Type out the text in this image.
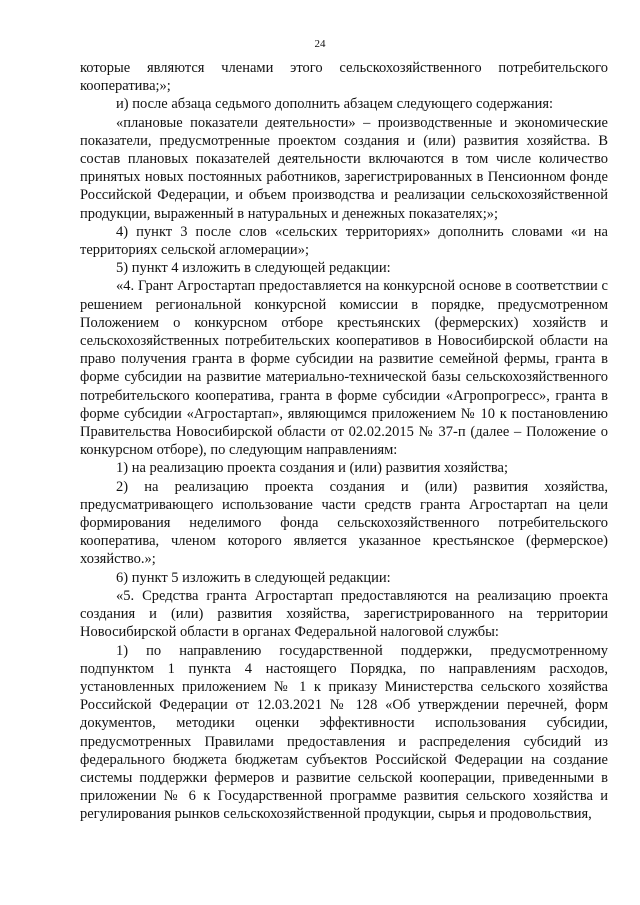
24

которые являются членами этого сельскохозяйственного потребительского кооператива;»;

и) после абзаца седьмого дополнить абзацем следующего содержания:

«плановые показатели деятельности» – производственные и экономические показатели, предусмотренные проектом создания и (или) развития хозяйства. В состав плановых показателей деятельности включаются в том числе количество принятых новых постоянных работников, зарегистрированных в Пенсионном фонде Российской Федерации, и объем производства и реализации сельскохозяйственной продукции, выраженный в натуральных и денежных показателях;»;

4) пункт 3 после слов «сельских территориях» дополнить словами «и на территориях сельской агломерации»;

5) пункт 4 изложить в следующей редакции:

«4. Грант Агростартап предоставляется на конкурсной основе в соответствии с решением региональной конкурсной комиссии в порядке, предусмотренном Положением о конкурсном отборе крестьянских (фермерских) хозяйств и сельскохозяйственных потребительских кооперативов в Новосибирской области на право получения гранта в форме субсидии на развитие семейной фермы, гранта в форме субсидии на развитие материально-технической базы сельскохозяйственного потребительского кооператива, гранта в форме субсидии «Агропрогресс», гранта в форме субсидии «Агростартап», являющимся приложением № 10 к постановлению Правительства Новосибирской области от 02.02.2015 № 37-п (далее – Положение о конкурсном отборе), по следующим направлениям:

1) на реализацию проекта создания и (или) развития хозяйства;

2) на реализацию проекта создания и (или) развития хозяйства, предусматривающего использование части средств гранта Агростартап на цели формирования неделимого фонда сельскохозяйственного потребительского кооператива, членом которого является указанное крестьянское (фермерское) хозяйство.»;

6) пункт 5 изложить в следующей редакции:

«5. Средства гранта Агростартап предоставляются на реализацию проекта создания и (или) развития хозяйства, зарегистрированного на территории Новосибирской области в органах Федеральной налоговой службы:

1) по направлению государственной поддержки, предусмотренному подпунктом 1 пункта 4 настоящего Порядка, по направлениям расходов, установленных приложением № 1 к приказу Министерства сельского хозяйства Российской Федерации от 12.03.2021 № 128 «Об утверждении перечней, форм документов, методики оценки эффективности использования субсидии, предусмотренных Правилами предоставления и распределения субсидий из федерального бюджета бюджетам субъектов Российской Федерации на создание системы поддержки фермеров и развитие сельской кооперации, приведенными в приложении № 6 к Государственной программе развития сельского хозяйства и регулирования рынков сельскохозяйственной продукции, сырья и продовольствия,
